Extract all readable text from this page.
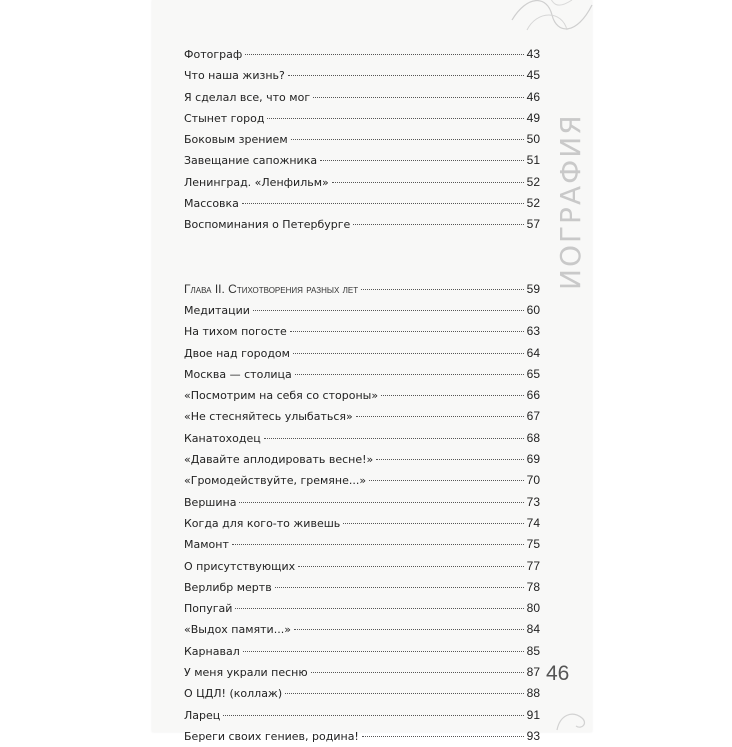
ИОГРАФИЯ
Фотограф	43
Что наша жизнь?	45
Я сделал все, что мог	46
Стынет город	49
Боковым зрением	50
Завещание сапожника	51
Ленинград. «Ленфильм»	52
Массовка	52
Воспоминания о Петербурге	57
Глава II. Стихотворения разных лет	59
Медитации	60
На тихом погосте	63
Двое над городом	64
Москва — столица	65
«Посмотрим на себя со стороны»	66
«Не стесняйтесь улыбаться»	67
Канатоходец	68
«Давайте аплодировать весне!»	69
«Громодействуйте, гремяне...»	70
Вершина	73
Когда для кого-то живешь	74
Мамонт	75
О присутствующих	77
Верлибр мертв	78
Попугай	80
«Выдох памяти...»	84
Карнавал	85
У меня украли песню	87
О ЦДЛ! (коллаж)	88
Ларец	91
Береги своих гениев, родина!	93
46
